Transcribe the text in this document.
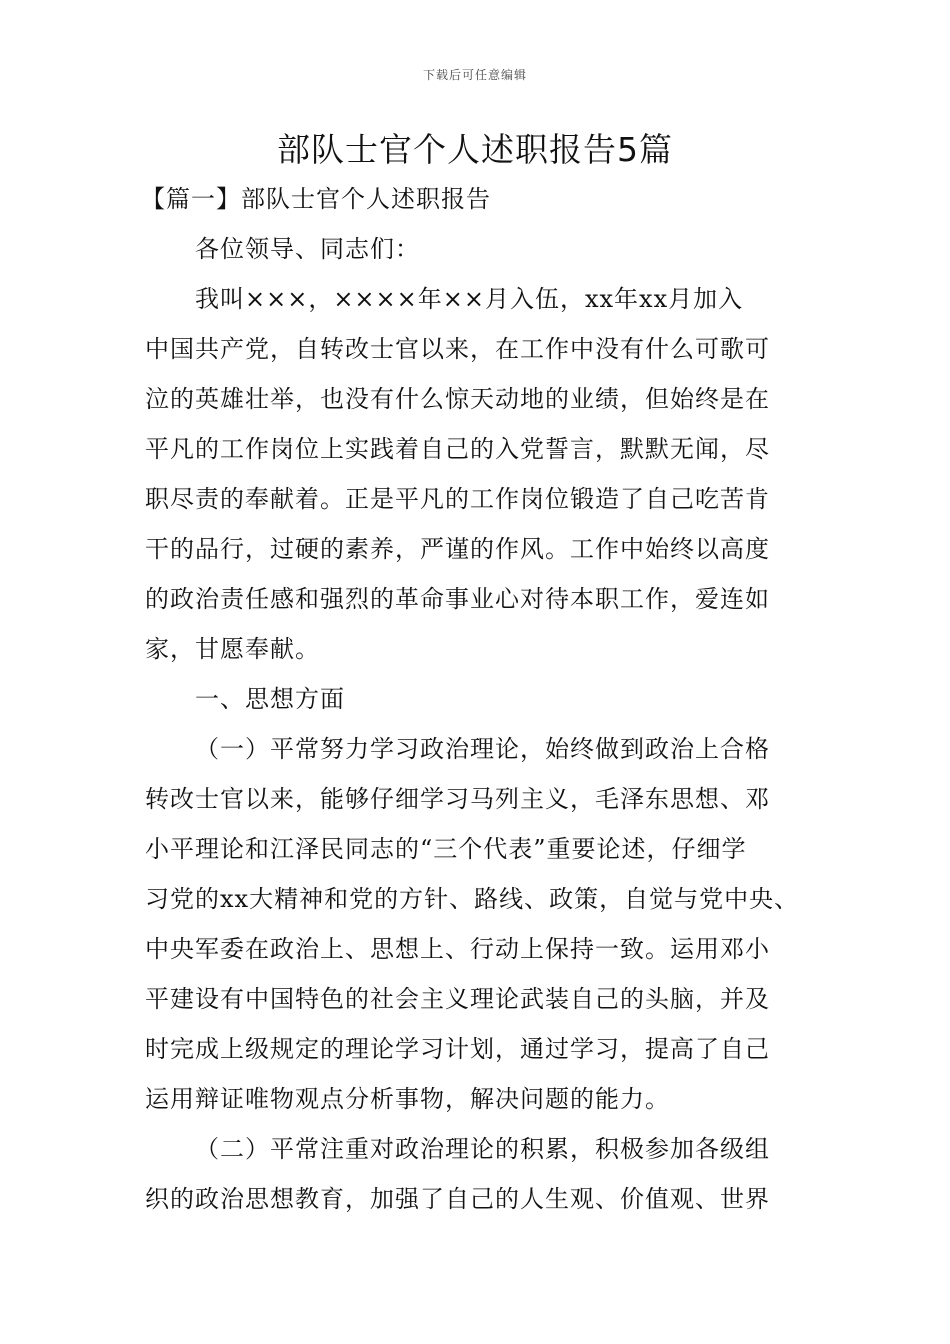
下载后可任意编辑
部队士官个人述职报告5篇

【篇一】部队士官个人述职报告

各位领导、同志们：

我叫×××，××××年××月入伍，xx年xx月加入

中国共产党，自转改士官以来，在工作中没有什么可歌可

泣的英雄壮举，也没有什么惊天动地的业绩，但始终是在

平凡的工作岗位上实践着自己的入党誓言，默默无闻，尽

职尽责的奉献着。正是平凡的工作岗位锻造了自己吃苦肯

干的品行，过硬的素养，严谨的作风。工作中始终以高度

的政治责任感和强烈的革命事业心对待本职工作，爱连如

家，甘愿奉献。

一、思想方面

（一）平常努力学习政治理论，始终做到政治上合格

转改士官以来，能够仔细学习马列主义，毛泽东思想、邓

小平理论和江泽民同志的“三个代表”重要论述，仔细学

习党的xx大精神和党的方针、路线、政策，自觉与党中央、

中央军委在政治上、思想上、行动上保持一致。运用邓小

平建设有中国特色的社会主义理论武装自己的头脑，并及

时完成上级规定的理论学习计划，通过学习，提高了自己

运用辩证唯物观点分析事物，解决问题的能力。

（二）平常注重对政治理论的积累，积极参加各级组

织的政治思想教育，加强了自己的人生观、价值观、世界
